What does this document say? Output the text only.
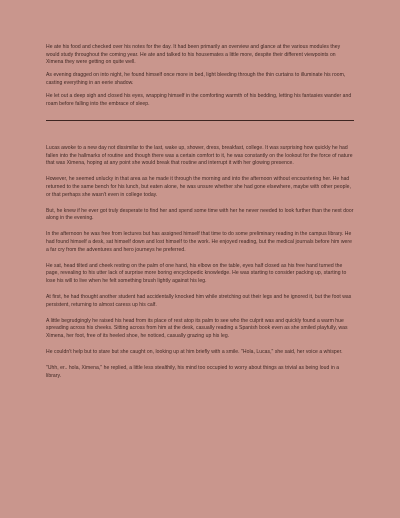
He ate his food and checked over his notes for the day. It had been primarily an overview and glance at the various modules they would study throughout the coming year. He ate and talked to his housemates a little more, despite their different viewpoints on Ximena they were getting on quite well.

As evening dragged on into night, he found himself once more in bed, light bleeding through the thin curtains to illuminate his room, casting everything in an eerie shadow.

He let out a deep sigh and closed his eyes, wrapping himself in the comforting warmth of his bedding, letting his fantasies wander and roam before falling into the embrace of sleep.

Lucas awoke to a new day not dissimilar to the last, wake up, shower, dress, breakfast, college. It was surprising how quickly he had fallen into the hallmarks of routine and though there was a certain comfort to it, he was constantly on the lookout for the force of nature that was Ximena, hoping at any point she would break that routine and interrupt it with her glowing presence.

However, he seemed unlucky in that area as he made it through the morning and into the afternoon without encountering her. He had returned to the same bench for his lunch, but eaten alone, he was unsure whether she had gone elsewhere, maybe with other people, or that perhaps she wasn't even in college today.

But, he knew if he ever got truly desperate to find her and spend some time with her he never needed to look further than the next door along in the evening.

In the afternoon he was free from lectures but has assigned himself that time to do some preliminary reading in the campus library. He had found himself a desk, sat himself down and lost himself to the work. He enjoyed reading, but the medical journals before him were a far cry from the adventures and hero journeys he preferred.

He sat, head tilted and cheek resting on the palm of one hand, his elbow on the table, eyes half closed as his free hand turned the page, revealing to his utter lack of surprise more boring encyclopedic knowledge. He was starting to consider packing up, starting to lose his will to live when he felt something brush lightly against his leg.

At first, he had thought another student had accidentally knocked him while stretching out their legs and he ignored it, but the foot was persistent, returning to almost caress up his calf.

A little begrudgingly he raised his head from its place of rest atop its palm to see who the culprit was and quickly found a warm hue spreading across his cheeks. Sitting across from him at the desk, casually reading a Spanish book even as she smiled playfully, was Ximena, her foot, free of its heeled shoe, he noticed, casually grazing up his leg.

He couldn't help but to stare but she caught on, looking up at him briefly with a smile. "Hola, Lucas," she said, her voice a whisper.

"Uhh, er.. hola, Ximena," he replied, a little less stealthily, his mind too occupied to worry about things as trivial as being loud in a library.
